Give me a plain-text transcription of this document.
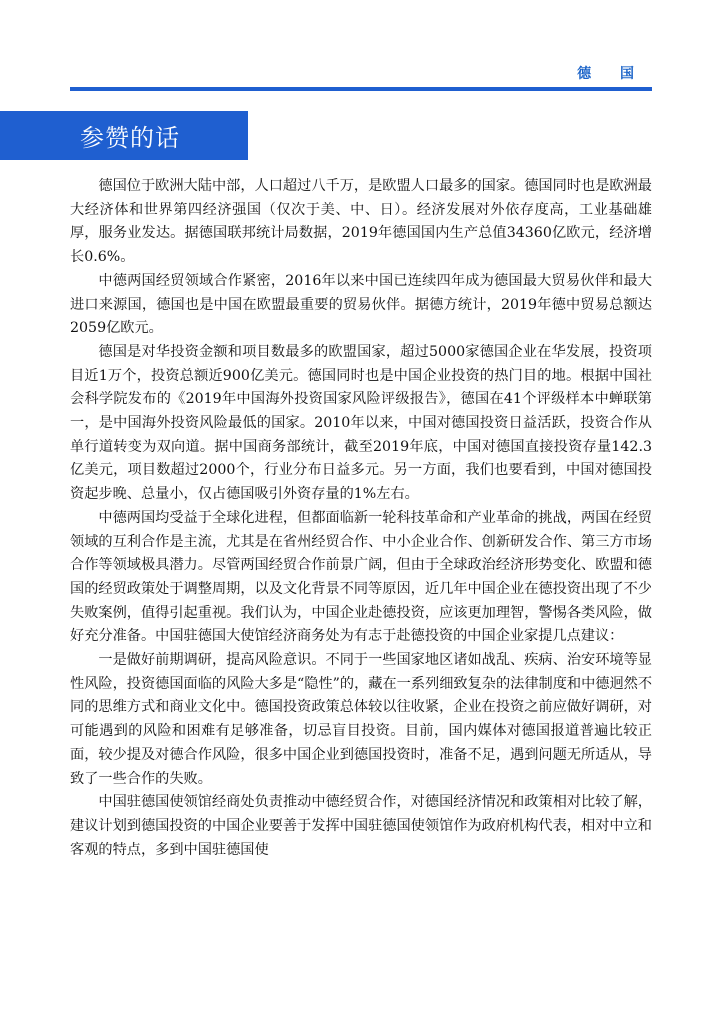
德 国
参赞的话

德国位于欧洲大陆中部，人口超过八千万，是欧盟人口最多的国家。德国同时也是欧洲最大经济体和世界第四经济强国（仅次于美、中、日）。经济发展对外依存度高，工业基础雄厚，服务业发达。据德国联邦统计局数据，2019年德国国内生产总值34360亿欧元，经济增长0.6%。

中德两国经贸领域合作紧密，2016年以来中国已连续四年成为德国最大贸易伙伴和最大进口来源国，德国也是中国在欧盟最重要的贸易伙伴。据德方统计，2019年德中贸易总额达2059亿欧元。

德国是对华投资金额和项目数最多的欧盟国家，超过5000家德国企业在华发展，投资项目近1万个，投资总额近900亿美元。德国同时也是中国企业投资的热门目的地。根据中国社会科学院发布的《2019年中国海外投资国家风险评级报告》，德国在41个评级样本中蝉联第一，是中国海外投资风险最低的国家。2010年以来，中国对德国投资日益活跃，投资合作从单行道转变为双向道。据中国商务部统计，截至2019年底，中国对德国直接投资存量142.3亿美元，项目数超过2000个，行业分布日益多元。另一方面，我们也要看到，中国对德国投资起步晚、总量小，仅占德国吸引外资存量的1%左右。

中德两国均受益于全球化进程，但都面临新一轮科技革命和产业革命的挑战，两国在经贸领域的互利合作是主流，尤其是在省州经贸合作、中小企业合作、创新研发合作、第三方市场合作等领域极具潜力。尽管两国经贸合作前景广阔，但由于全球政治经济形势变化、欧盟和德国的经贸政策处于调整周期，以及文化背景不同等原因，近几年中国企业在德投资出现了不少失败案例，值得引起重视。我们认为，中国企业赴德投资，应该更加理智，警惕各类风险，做好充分准备。中国驻德国大使馆经济商务处为有志于赴德投资的中国企业家提几点建议：

一是做好前期调研，提高风险意识。不同于一些国家地区诸如战乱、疾病、治安环境等显性风险，投资德国面临的风险大多是“隐性”的，藏在一系列细致复杂的法律制度和中德迥然不同的思维方式和商业文化中。德国投资政策总体较以往收紧，企业在投资之前应做好调研，对可能遇到的风险和困难有足够准备，切忌盲目投资。目前，国内媒体对德国报道普遍比较正面，较少提及对德合作风险，很多中国企业到德国投资时，准备不足，遇到问题无所适从，导致了一些合作的失败。

中国驻德国使领馆经商处负责推动中德经贸合作，对德国经济情况和政策相对比较了解，建议计划到德国投资的中国企业要善于发挥中国驻德国使领馆作为政府机构代表，相对中立和客观的特点，多到中国驻德国使
